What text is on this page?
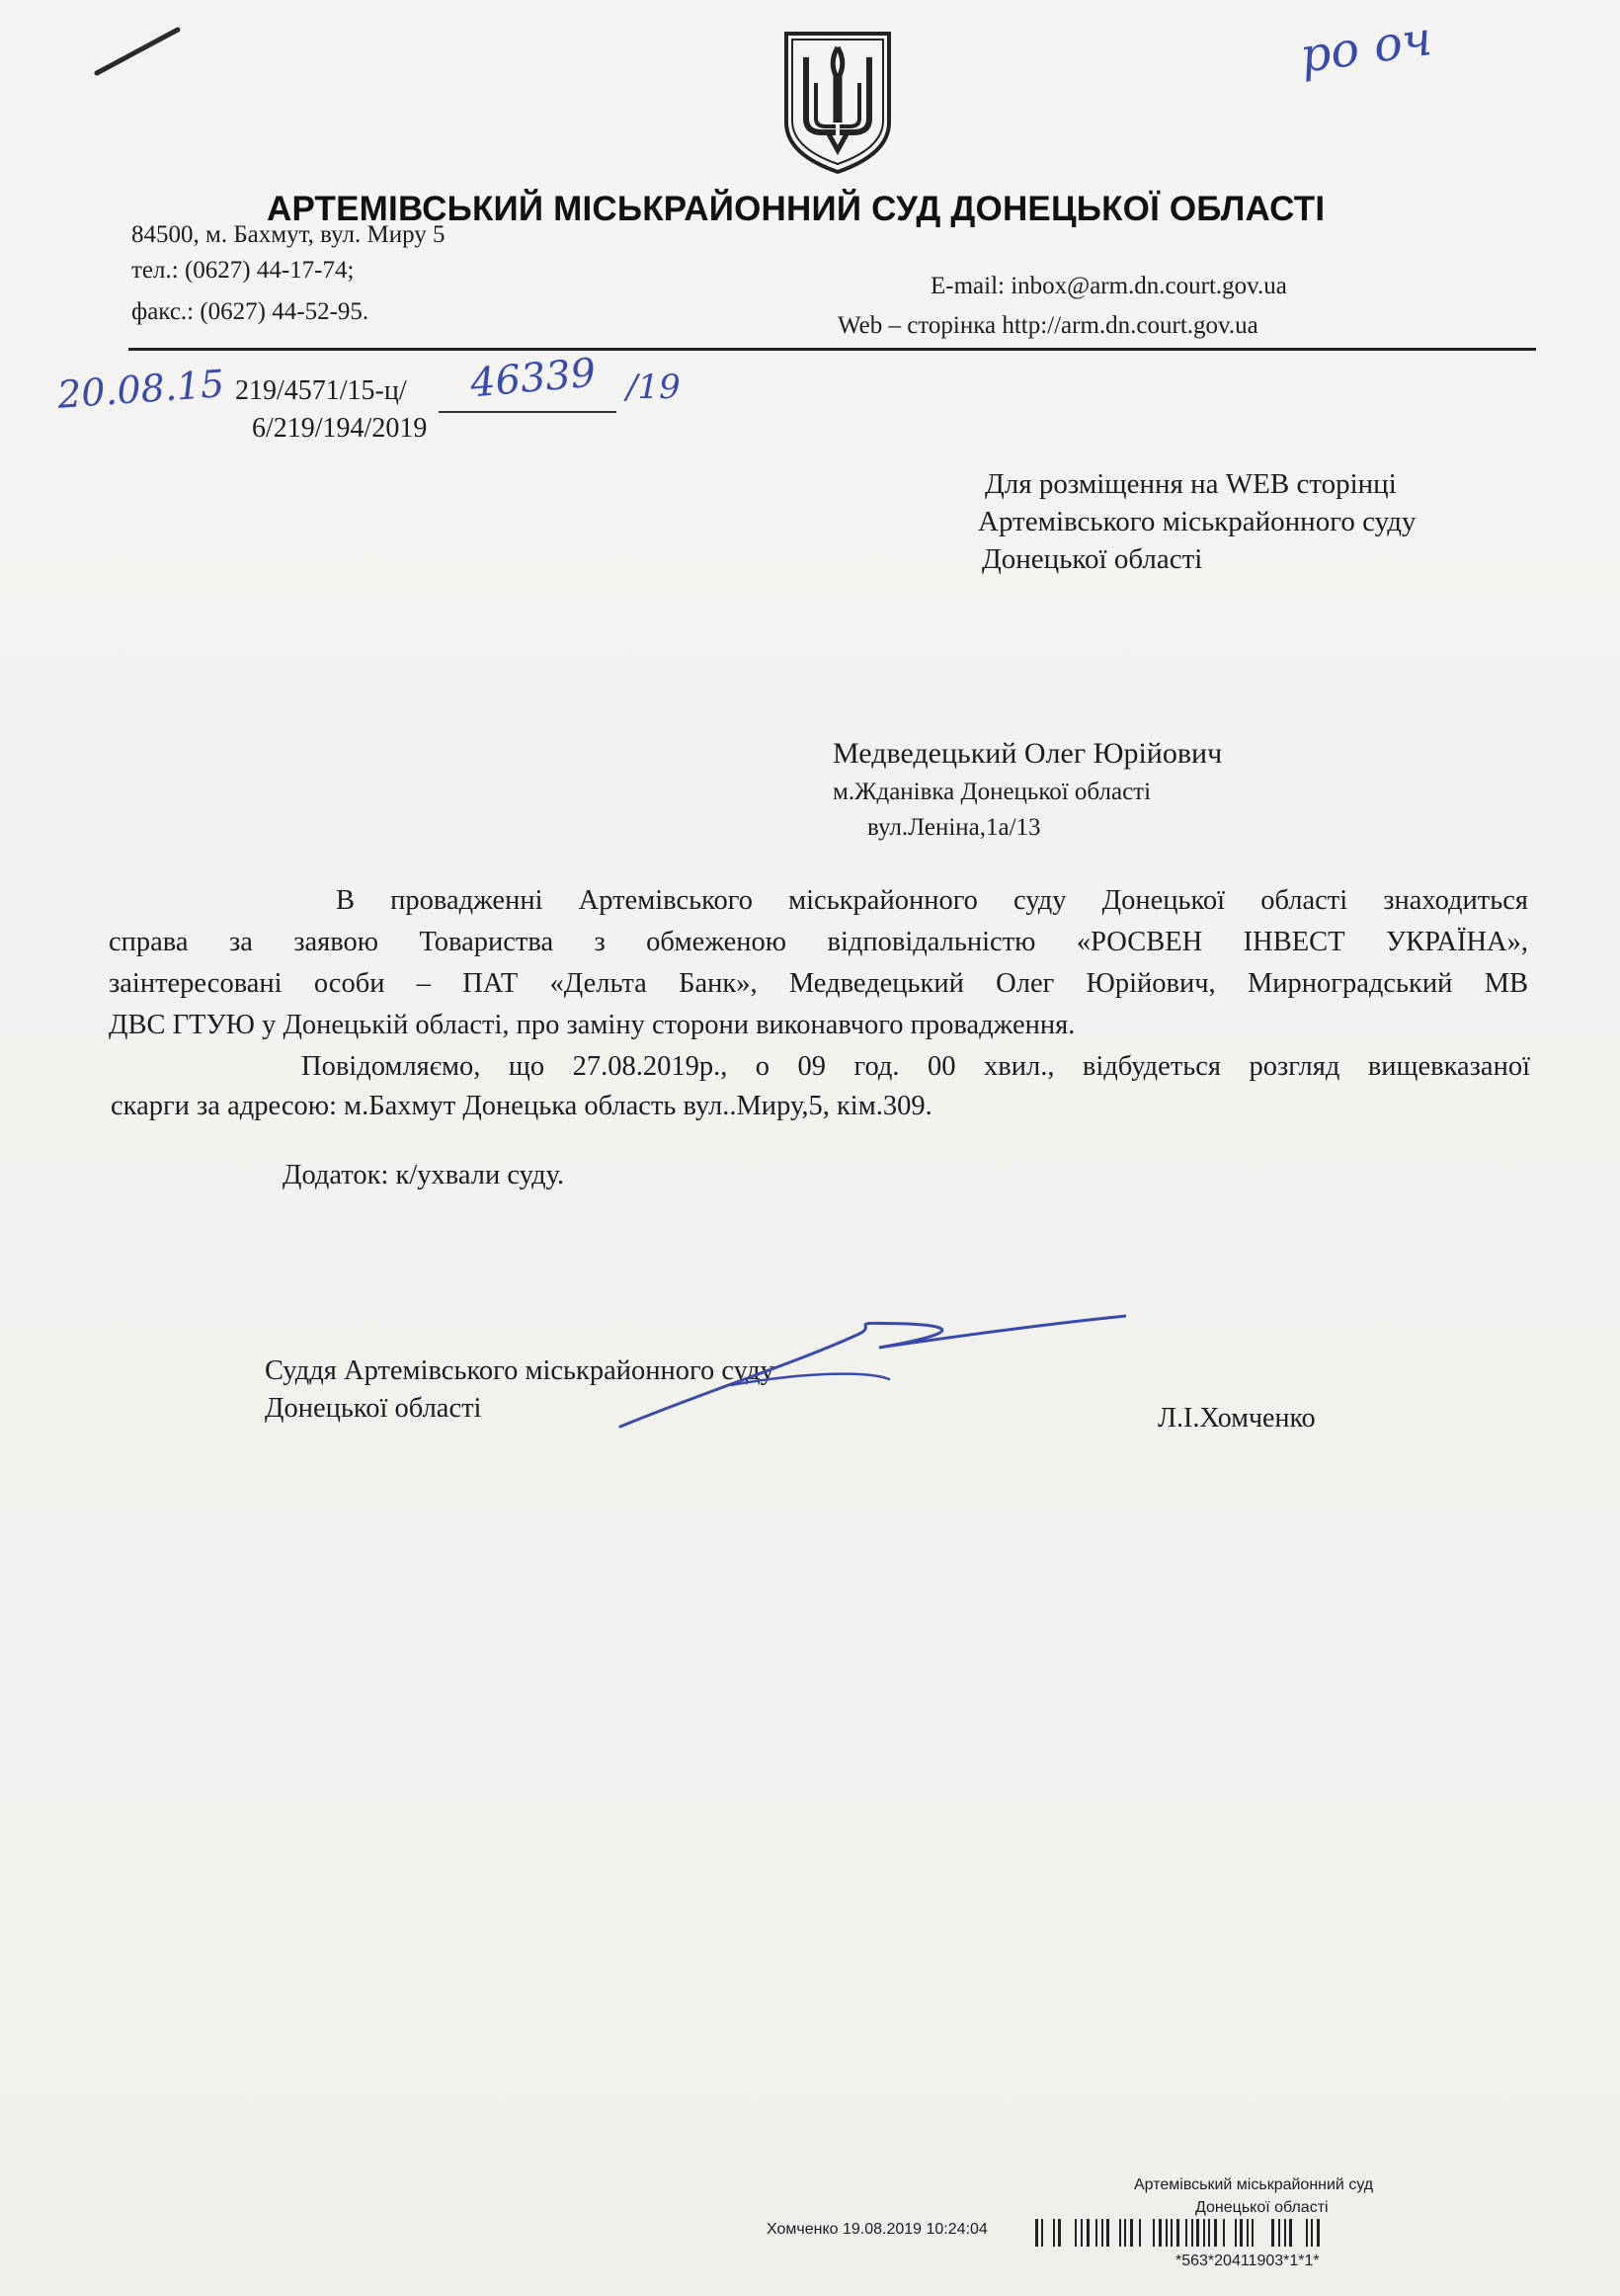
ро оч
АРТЕМІВСЬКИЙ МІСЬКРАЙОННИЙ СУД ДОНЕЦЬКОЇ ОБЛАСТІ
84500, м. Бахмут, вул. Миру 5
тел.: (0627) 44-17-74;
факс.: (0627) 44-52-95.
E-mail: inbox@arm.dn.court.gov.ua
Web – сторінка http://arm.dn.court.gov.ua
20.08.15 219/4571/15-ц/ 46339 /19
6/219/194/2019
Для розміщення на WEB сторінці
Артемівського міськрайонного суду
Донецької області
Медведецький Олег Юрійович
м.Жданівка Донецької області
вул.Леніна,1а/13
В провадженні Артемівського міськрайонного суду Донецької області знаходиться
справа за заявою Товариства з обмеженою відповідальністю «РОСВЕН ІНВЕСТ УКРАЇНА»,
заінтересовані особи – ПАТ «Дельта Банк», Медведецький Олег Юрійович, Мирноградський МВ
ДВС ГТУЮ у Донецькій області, про заміну сторони виконавчого провадження.
Повідомляємо, що 27.08.2019р., о 09 год. 00 хвил., відбудеться розгляд вищевказаної
скарги за адресою: м.Бахмут Донецька область вул..Миру,5, кім.309.
Додаток: к/ухвали суду.
Суддя Артемівського міськрайонного суду
Донецької області	Л.І.Хомченко
Артемівський міськрайонний суд
Донецької області
Хомченко 19.08.2019 10:24:04
*563*20411903*1*1*
